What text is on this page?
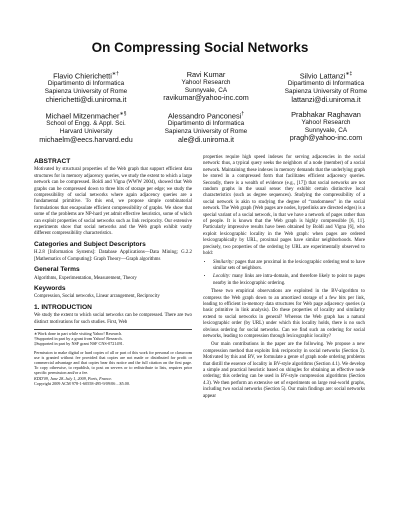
On Compressing Social Networks
Flavio Chierichetti∗†
Dipartimento di Informatica
Sapienza University of Rome
chierichetti@di.uniroma.it
Ravi Kumar
Yahoo! Research
Sunnyvale, CA
ravikumar@yahoo-inc.com
Silvio Lattanzi∗‡
Dipartimento di Informatica
Sapienza University of Rome
lattanzi@di.uniroma.it
Michael Mitzenmacher∗§
School of Engg. & Appl. Sci.
Harvard University
michaelm@eecs.harvard.edu
Alessandro Panconesi†
Dipartimento di Informatica
Sapienza University of Rome
ale@di.uniroma.it
Prabhakar Raghavan
Yahoo! Research
Sunnyvale, CA
pragh@yahoo-inc.com
ABSTRACT

Motivated by structural properties of the Web graph that support efficient data structures for in memory adjacency queries, we study the extent to which a large network can be compressed. Boldi and Vigna (WWW 2004), showed that Web graphs can be compressed down to three bits of storage per edge; we study the compressibility of social networks where again adjacency queries are a fundamental primitive. To this end, we propose simple combinatorial formulations that encapsulate efficient compressibility of graphs. We show that some of the problems are NP-hard yet admit effective heuristics, some of which can exploit properties of social networks such as link reciprocity. Our extensive experiments show that social networks and the Web graph exhibit vastly different compressibility characteristics.

Categories and Subject Descriptors

H.2.8 [Information Systems]: Database Applications—Data Mining; G.2.2 [Mathematics of Computing]: Graph Theory—Graph algorithms

General Terms

Algorithms, Experimentation, Measurement, Theory

Keywords

Compression, Social networks, Linear arrangement, Reciprocity

1. INTRODUCTION

We study the extent to which social networks can be compressed. There are two distinct motivations for such studies. First, Web

∗Work done in part while visiting Yahoo! Research.
†Supported in part by a grant from Yahoo! Research.
‡Supported in part by NSF grant NSF CNS-0721491.
Permission to make digital or hard copies of all or part of this work for personal or classroom use is granted without fee provided that copies are not made or distributed for profit or commercial advantage and that copies bear this notice and the full citation on the first page. To copy otherwise, to republish, to post on servers or to redistribute to lists, requires prior specific permission and/or a fee.
KDD'09, June 28–July 1, 2009, Paris, France.
Copyright 2009 ACM 978-1-60558-495-9/09/06 ...$5.00.

properties require high speed indexes for serving adjacencies in the social network: thus, a typical query seeks the neighbors of a node (member) of a social network. Maintaining these indexes in memory demands that the underlying graph be stored in a compressed form that facilitates efficient adjacency queries. Secondly, there is a wealth of evidence (e.g., [17]) that social networks are not random graphs in the usual sense: they exhibit certain distinctive local characteristics (such as degree sequences). Studying the compressibility of a social network is akin to studying the degree of “randomness” in the social network. The Web graph (Web pages are nodes, hyperlinks are directed edges) is a special variant of a social network, in that we have a network of pages rather than of people. It is known that the Web graph is highly compressible [6, 11]. Particularly impressive results have been obtained by Boldi and Vigna [6], who exploit lexicographic locality in the Web graph: when pages are ordered lexicographically by URL, proximal pages have similar neighborhoods. More precisely, two properties of the ordering by URL are experimentally observed to hold:

• Similarity: pages that are proximal in the lexicographic ordering tend to have similar sets of neighbors.
• Locality: many links are intra-domain, and therefore likely to point to pages nearby in the lexicographic ordering.

These two empirical observations are exploited in the BV-algorithm to compress the Web graph down to an amortized storage of a few bits per link, leading to efficient in-memory data structures for Web page adjacency queries (a basic primitive in link analysis). Do these properties of locality and similarity extend to social networks in general? Whereas the Web graph has a natural lexicographic order (by URL) under which this locality holds, there is no such obvious ordering for social networks. Can we find such an ordering for social networks, leading to compression through lexicographic locality?

Our main contributions in the paper are the following. We propose a new compression method that exploits link reciprocity in social networks (Section 3). Motivated by this and BV, we formulate a genre of graph node ordering problems that distill the essence of locality in BV-style algorithms (Section 4.1). We develop a simple and practical heuristic based on shingles for obtaining an effective node ordering; this ordering can be used in BV-style compression algorithms (Section 4.3). We then perform an extensive set of experiments on large real-world graphs, including two social networks (Section 5). Our main findings are: social networks appear
